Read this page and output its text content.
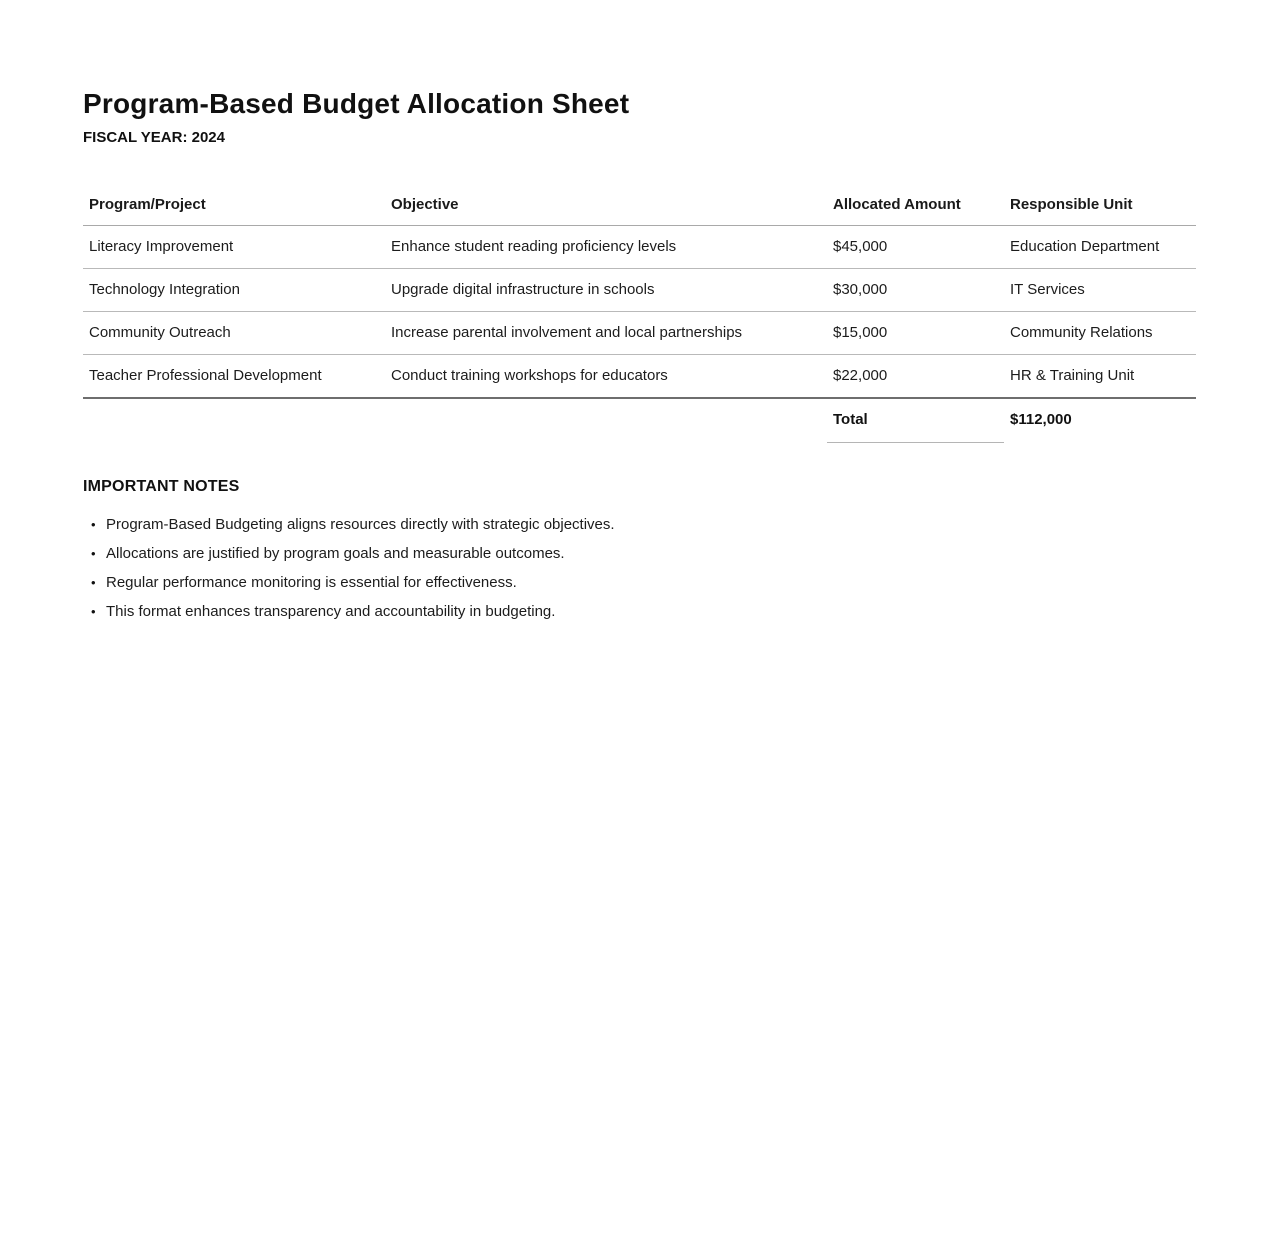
Program-Based Budget Allocation Sheet
FISCAL YEAR: 2024
Program/Project	Objective	Allocated Amount	Responsible Unit
Literacy Improvement	Enhance student reading proficiency levels	$45,000	Education Department
Technology Integration	Upgrade digital infrastructure in schools	$30,000	IT Services
Community Outreach	Increase parental involvement and local partnerships	$15,000	Community Relations
Teacher Professional Development	Conduct training workshops for educators	$22,000	HR & Training Unit
		Total	$112,000
IMPORTANT NOTES
• Program-Based Budgeting aligns resources directly with strategic objectives.
• Allocations are justified by program goals and measurable outcomes.
• Regular performance monitoring is essential for effectiveness.
• This format enhances transparency and accountability in budgeting.
